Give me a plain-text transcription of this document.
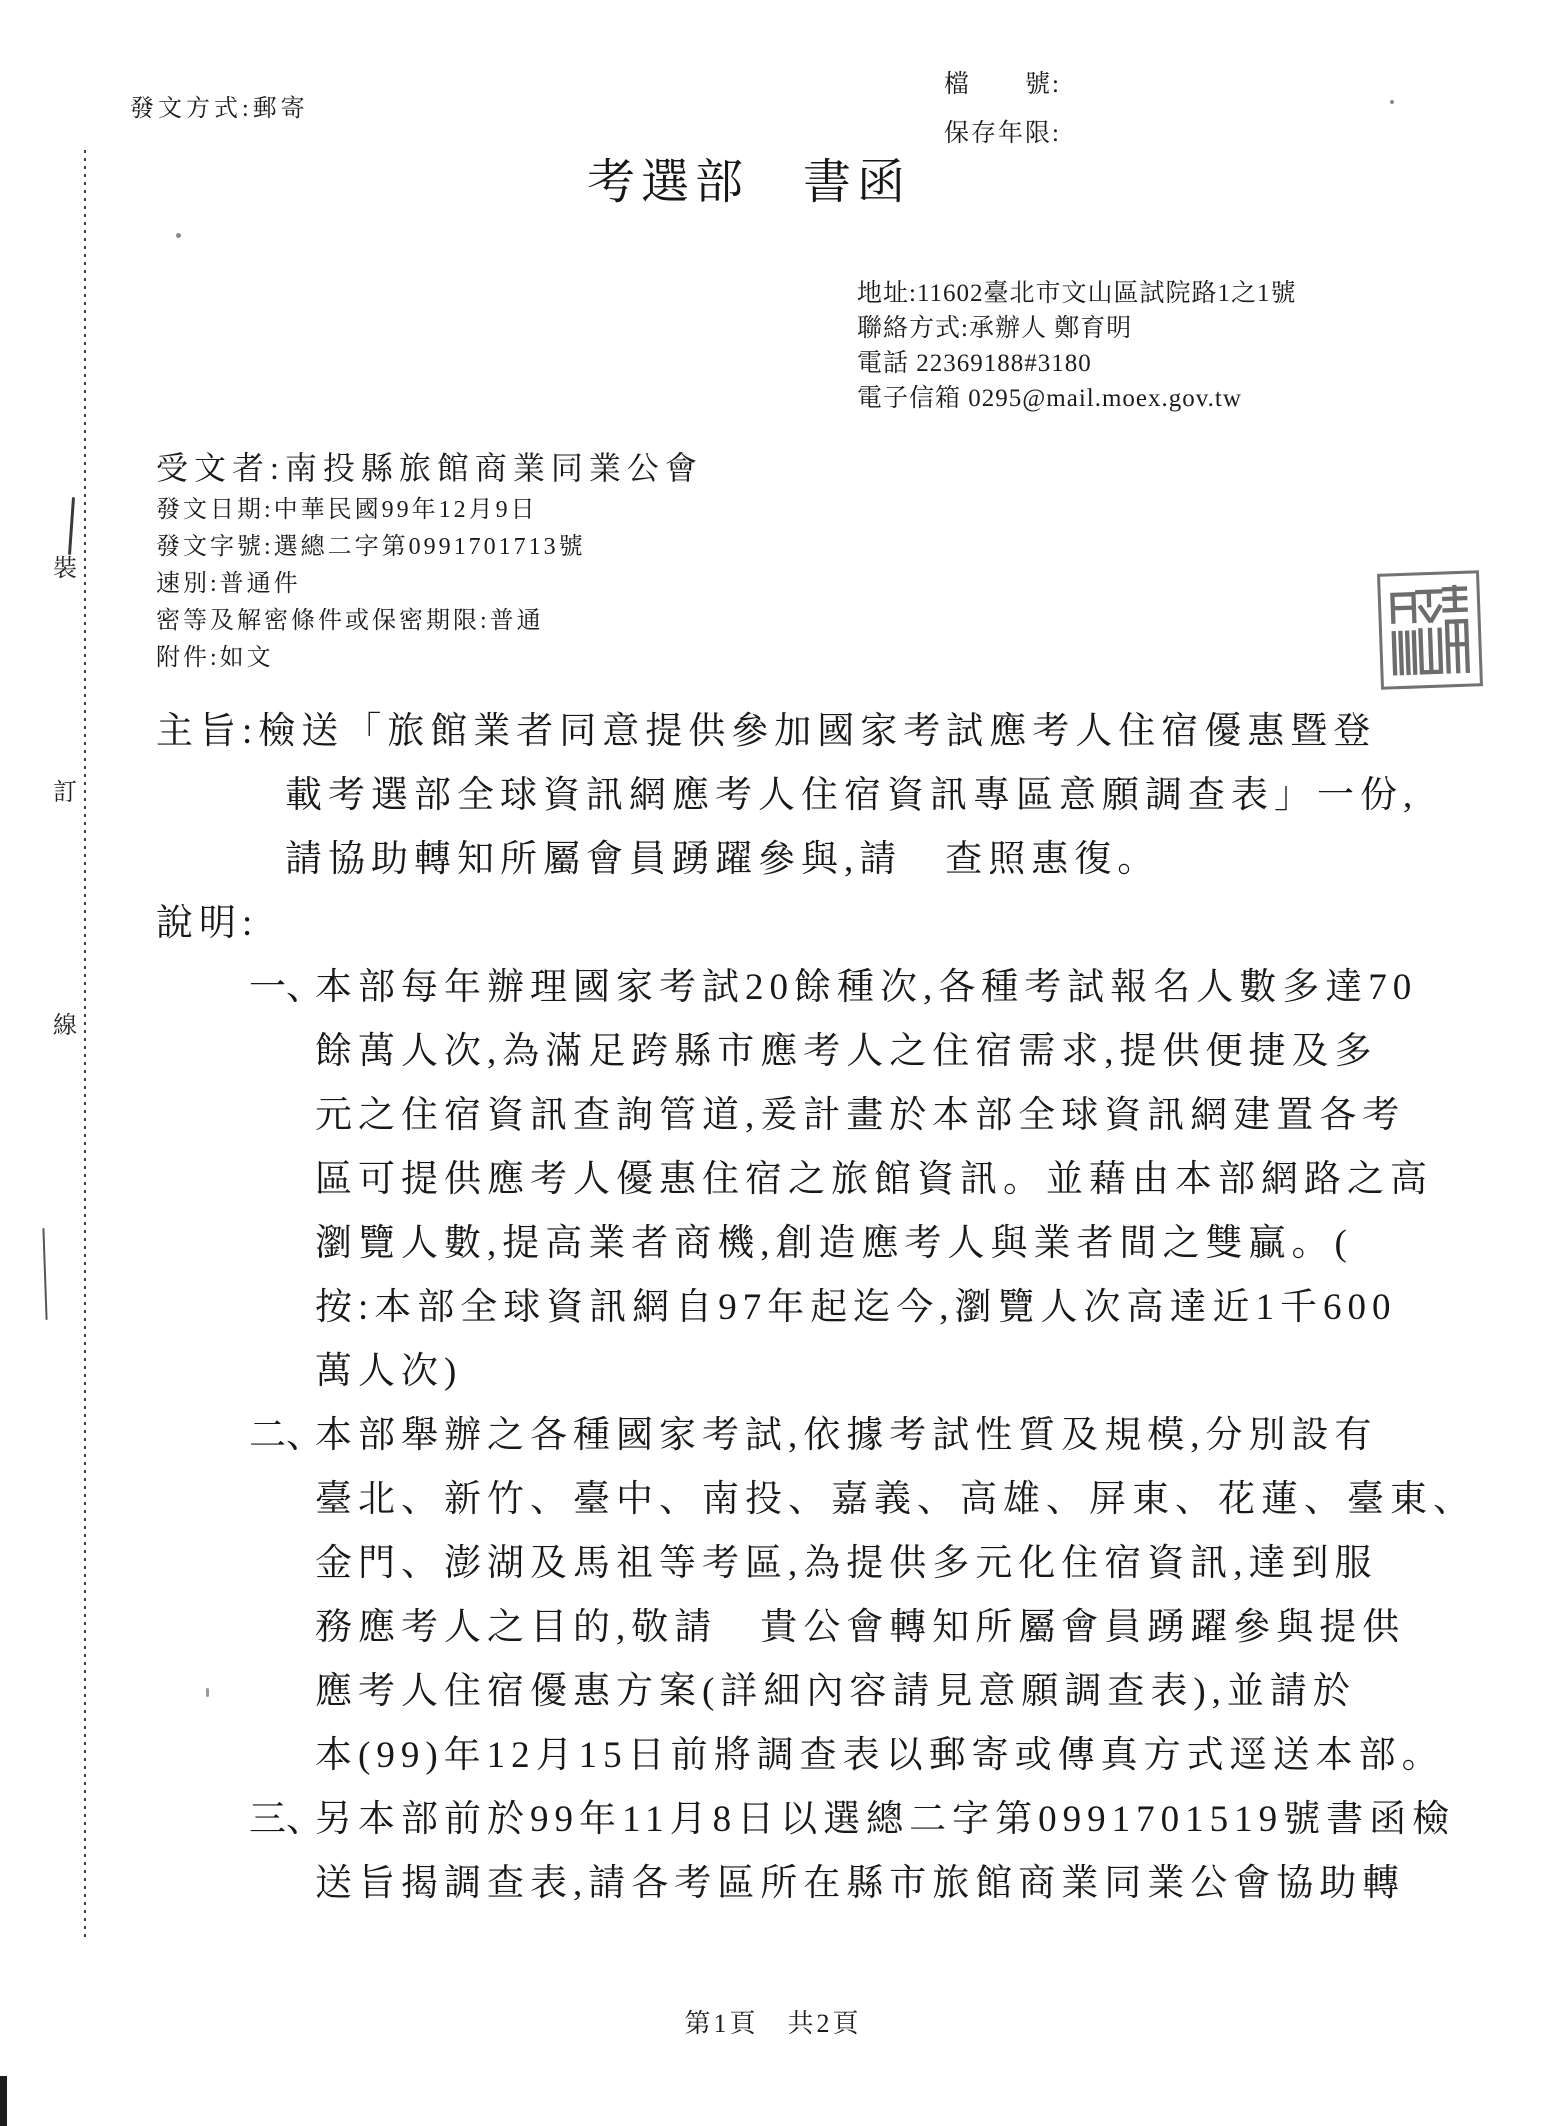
裝
訂
線
發文方式:郵寄
檔　　號:
保存年限:
考選部　書函
地址:11602臺北市文山區試院路1之1號
聯絡方式:承辦人 鄭育明
電話 22369188#3180
電子信箱 0295@mail.moex.gov.tw
受文者:南投縣旅館商業同業公會
發文日期:中華民國99年12月9日
發文字號:選總二字第0991701713號
速別:普通件
密等及解密條件或保密期限:普通
附件:如文
主旨:檢送「旅館業者同意提供參加國家考試應考人住宿優惠暨登
載考選部全球資訊網應考人住宿資訊專區意願調查表」一份,
請協助轉知所屬會員踴躍參與,請　查照惠復。
說明:
一、本部每年辦理國家考試20餘種次,各種考試報名人數多達70
餘萬人次,為滿足跨縣市應考人之住宿需求,提供便捷及多
元之住宿資訊查詢管道,爰計畫於本部全球資訊網建置各考
區可提供應考人優惠住宿之旅館資訊。並藉由本部網路之高
瀏覽人數,提高業者商機,創造應考人與業者間之雙贏。(
按:本部全球資訊網自97年起迄今,瀏覽人次高達近1千600
萬人次)
二、本部舉辦之各種國家考試,依據考試性質及規模,分別設有
臺北、新竹、臺中、南投、嘉義、高雄、屏東、花蓮、臺東、
金門、澎湖及馬祖等考區,為提供多元化住宿資訊,達到服
務應考人之目的,敬請　貴公會轉知所屬會員踴躍參與提供
應考人住宿優惠方案(詳細內容請見意願調查表),並請於
本(99)年12月15日前將調查表以郵寄或傳真方式逕送本部。
三、另本部前於99年11月8日以選總二字第0991701519號書函檢
送旨揭調查表,請各考區所在縣市旅館商業同業公會協助轉
第1頁　共2頁
